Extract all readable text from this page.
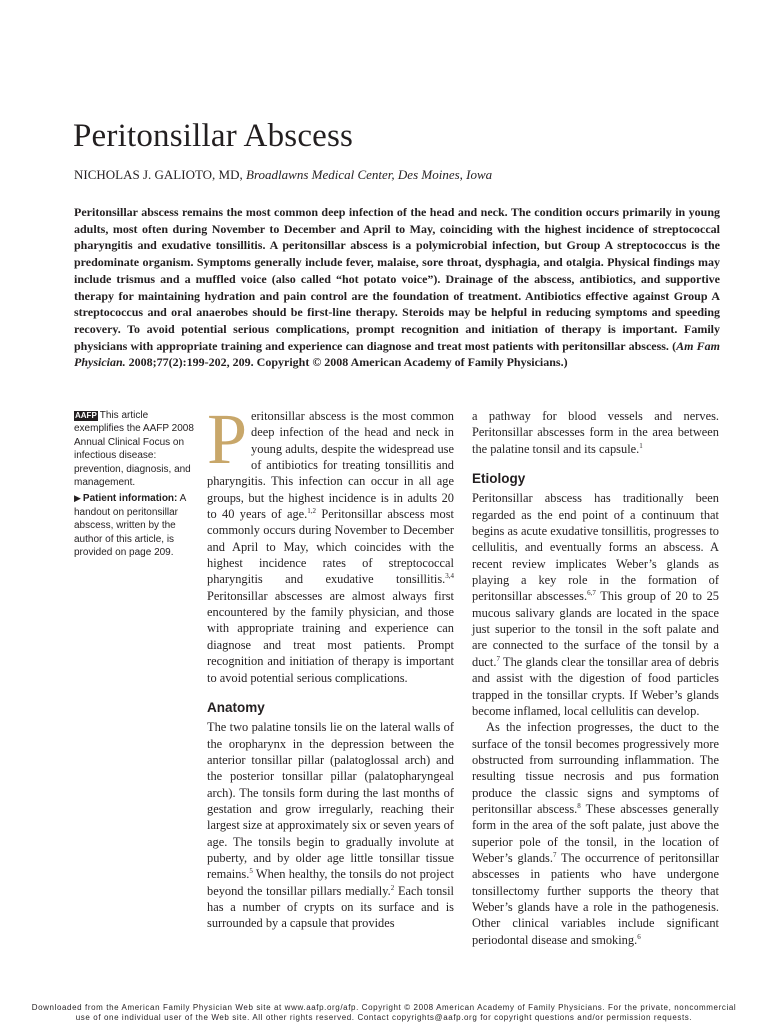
Peritonsillar Abscess
NICHOLAS J. GALIOTO, MD, Broadlawns Medical Center, Des Moines, Iowa
Peritonsillar abscess remains the most common deep infection of the head and neck. The condition occurs primarily in young adults, most often during November to December and April to May, coinciding with the highest incidence of streptococcal pharyngitis and exudative tonsillitis. A peritonsillar abscess is a polymicrobial infection, but Group A streptococcus is the predominate organism. Symptoms generally include fever, malaise, sore throat, dysphagia, and otalgia. Physical findings may include trismus and a muffled voice (also called “hot potato voice”). Drainage of the abscess, antibiotics, and supportive therapy for maintaining hydration and pain control are the foundation of treatment. Antibiotics effective against Group A streptococcus and oral anaerobes should be first-line therapy. Steroids may be helpful in reducing symptoms and speeding recovery. To avoid potential serious complications, prompt recognition and initiation of therapy is important. Family physicians with appropriate training and experience can diagnose and treat most patients with peritonsillar abscess. (Am Fam Physician. 2008;77(2):199-202, 209. Copyright © 2008 American Academy of Family Physicians.)

AAFP This article exemplifies the AAFP 2008 Annual Clinical Focus on infectious disease: prevention, diagnosis, and management.

▶ Patient information: A handout on peritonsillar abscess, written by the author of this article, is provided on page 209.

Peritonsillar abscess is the most common deep infection of the head and neck in young adults, despite the widespread use of antibiotics for treating tonsillitis and pharyngitis. This infection can occur in all age groups, but the highest incidence is in adults 20 to 40 years of age.$^{1,2}$ Peritonsillar abscess most commonly occurs during November to December and April to May, which coincides with the highest incidence rates of streptococcal pharyngitis and exudative tonsillitis.$^{3,4}$ Peritonsillar abscesses are almost always first encountered by the family physician, and those with appropriate training and experience can diagnose and treat most patients. Prompt recognition and initiation of therapy is important to avoid potential serious complications.

Anatomy

The two palatine tonsils lie on the lateral walls of the oropharynx in the depression between the anterior tonsillar pillar (palatoglossal arch) and the posterior tonsillar pillar (palatopharyngeal arch). The tonsils form during the last months of gestation and grow irregularly, reaching their largest size at approximately six or seven years of age. The tonsils begin to gradually involute at puberty, and by older age little tonsillar tissue remains.$^5$ When healthy, the tonsils do not project beyond the tonsillar pillars medially.$^2$ Each tonsil has a number of crypts on its surface and is surrounded by a capsule that provides

a pathway for blood vessels and nerves. Peritonsillar abscesses form in the area between the palatine tonsil and its capsule.$^1$

Etiology

Peritonsillar abscess has traditionally been regarded as the end point of a continuum that begins as acute exudative tonsillitis, progresses to cellulitis, and eventually forms an abscess. A recent review implicates Weber’s glands as playing a key role in the formation of peritonsillar abscesses.$^{6,7}$ This group of 20 to 25 mucous salivary glands are located in the space just superior to the tonsil in the soft palate and are connected to the surface of the tonsil by a duct.$^7$ The glands clear the tonsillar area of debris and assist with the digestion of food particles trapped in the tonsillar crypts. If Weber’s glands become inflamed, local cellulitis can develop.

As the infection progresses, the duct to the surface of the tonsil becomes progressively more obstructed from surrounding inflammation. The resulting tissue necrosis and pus formation produce the classic signs and symptoms of peritonsillar abscess.$^8$ These abscesses generally form in the area of the soft palate, just above the superior pole of the tonsil, in the location of Weber’s glands.$^7$ The occurrence of peritonsillar abscesses in patients who have undergone tonsillectomy further supports the theory that Weber’s glands have a role in the pathogenesis. Other clinical variables include significant periodontal disease and smoking.$^6$

Downloaded from the American Family Physician Web site at www.aafp.org/afp. Copyright © 2008 American Academy of Family Physicians. For the private, noncommercial
use of one individual user of the Web site. All other rights reserved. Contact copyrights@aafp.org for copyright questions and/or permission requests.
